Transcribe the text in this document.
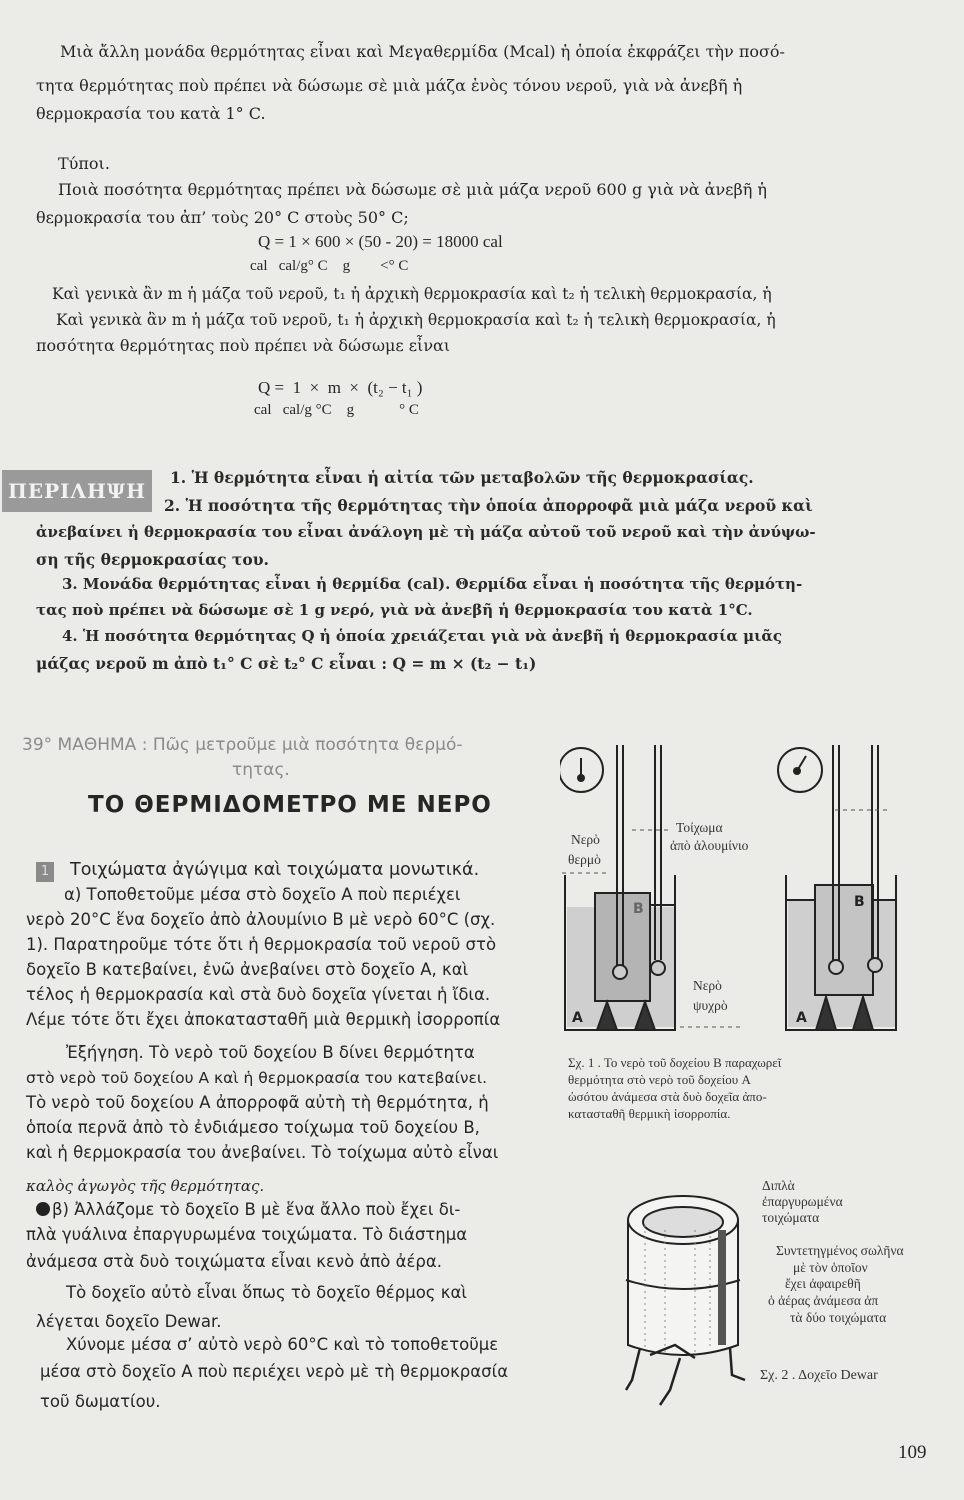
Μιὰ ἄλλη μονάδα θερμότητας εἶναι καὶ Μεγαθερμίδα (Mcal) ἡ ὁποία ἐκφράζει τὴν ποσό-
τητα θερμότητας ποὺ πρέπει νὰ δώσωμε σὲ μιὰ μάζα ἑνὸς τόνου νεροῦ, γιὰ νὰ ἀνεβῆ ἡ
θερμοκρασία του κατὰ 1° C.
Τύποι.
Ποιὰ ποσότητα θερμότητας πρέπει νὰ δώσωμε σὲ μιὰ μάζα νεροῦ 600 g γιὰ νὰ ἀνεβῆ ἡ
θερμοκρασία του ἀπ’ τοὺς 20° C στοὺς 50° C;
Q = 1 × 600 × (50 - 20) = 18000 cal
cal   cal/g° C    g        <° C
Καὶ γενικὰ ἂν m ἡ μάζα τοῦ νεροῦ, t₁ ἡ ἀρχικὴ θερμοκρασία καὶ t₂ ἡ τελικὴ θερμοκρασία, ἡ
Καὶ γενικὰ ἂν m ἡ μάζα τοῦ νεροῦ, t₁ ἡ ἀρχικὴ θερμοκρασία καὶ t₂ ἡ τελικὴ θερμοκρασία, ἡ
ποσότητα θερμότητας ποὺ πρέπει νὰ δώσωμε εἶναι
Q =  1  ×  m  ×  (t₂ − t₁ )
cal   cal/g °C    g            ° C
ΠΕΡΙΛΗΨΗ
1. Ἡ θερμότητα εἶναι ἡ αἰτία τῶν μεταβολῶν τῆς θερμοκρασίας.
2. Ἡ ποσότητα τῆς θερμότητας τὴν ὁποία ἀπορροφᾶ μιὰ μάζα νεροῦ καὶ
ἀνεβαίνει ἡ θερμοκρασία του εἶναι ἀνάλογη μὲ τὴ μάζα αὐτοῦ τοῦ νεροῦ καὶ τὴν ἀνύψω-
ση τῆς θερμοκρασίας του.
3. Μονάδα θερμότητας εἶναι ἡ θερμίδα (cal). Θερμίδα εἶναι ἡ ποσότητα τῆς θερμότη-
τας ποὺ πρέπει νὰ δώσωμε σὲ 1 g νερό, γιὰ νὰ ἀνεβῆ ἡ θερμοκρασία του κατὰ 1°C.
4. Ἡ ποσότητα θερμότητας Q ἡ ὁποία χρειάζεται γιὰ νὰ ἀνεβῆ ἡ θερμοκρασία μιᾶς
μάζας νεροῦ m ἀπὸ t₁° C σὲ t₂° C εἶναι : Q = m × (t₂ − t₁)
39° ΜΑΘΗΜΑ : Πῶς μετροῦμε μιὰ ποσότητα θερμό-
τητας.
ΤΟ ΘΕΡΜΙΔΟΜΕΤΡΟ ΜΕ ΝΕΡΟ
1 Τοιχώματα ἀγώγιμα καὶ τοιχώματα μονωτικά.
α) Τοποθετοῦμε μέσα στὸ δοχεῖο Α ποὺ περιέχει
νερὸ 20°C ἕνα δοχεῖο ἀπὸ ἀλουμίνιο Β μὲ νερὸ 60°C (σχ.
1). Παρατηροῦμε τότε ὅτι ἡ θερμοκρασία τοῦ νεροῦ στὸ
δοχεῖο Β κατεβαίνει, ἐνῶ ἀνεβαίνει στὸ δοχεῖο Α, καὶ
τέλος ἡ θερμοκρασία καὶ στὰ δυὸ δοχεῖα γίνεται ἡ ἴδια.
Λέμε τότε ὅτι ἔχει ἀποκατασταθῆ μιὰ θερμικὴ ἰσορροπία
Ἐξήγηση. Τὸ νερὸ τοῦ δοχείου Β δίνει θερμότητα
στὸ νερὸ τοῦ δοχείου Α καὶ ἡ θερμοκρασία του κατεβαίνει.
Τὸ νερὸ τοῦ δοχείου Α ἀπορροφᾶ αὐτὴ τὴ θερμότητα, ἡ
ὁποία περνᾶ ἀπὸ τὸ ἐνδιάμεσο τοίχωμα τοῦ δοχείου Β,
καὶ ἡ θερμοκρασία του ἀνεβαίνει. Τὸ τοίχωμα αὐτὸ εἶναι
καλὸς ἀγωγὸς τῆς θερμότητας.
β) Ἀλλάζομε τὸ δοχεῖο Β μὲ ἕνα ἄλλο ποὺ ἔχει δι-
πλὰ γυάλινα ἐπαργυρωμένα τοιχώματα. Τὸ διάστημα
ἀνάμεσα στὰ δυὸ τοιχώματα εἶναι κενὸ ἀπὸ ἀέρα.
Τὸ δοχεῖο αὐτὸ εἶναι ὅπως τὸ δοχεῖο θέρμος καὶ
λέγεται δοχεῖο Dewar.
Χύνομε μέσα σ’ αὐτὸ νερὸ 60°C καὶ τὸ τοποθετοῦμε
μέσα στὸ δοχεῖο Α ποὺ περιέχει νερὸ μὲ τὴ θερμοκρασία
τοῦ δωματίου.
A
B
A
B
Νερὸ
θερμὸ
Τοίχωμα
ἀπὸ ἀλουμίνιο
Νερὸ
ψυχρὸ
Σχ. 1 . Το νερὸ τοῦ δοχείου B παραχωρεῖ
θερμότητα στὸ νερὸ τοῦ δοχείου A
ὡσότου ἀνάμεσα στὰ δυὸ δοχεῖα ἀπο-
κατασταθῆ θερμικὴ ἰσορροπία.
Διπλὰ
ἐπαργυρωμένα
τοιχώματα
Συντετηγμένος σωλῆνα
μὲ τὸν ὁποῖον
ἔχει ἀφαιρεθῆ
ὁ ἀέρας ἀνάμεσα ἀπ
τὰ δύο τοιχώματα
Σχ. 2 . Δοχεῖο Dewar
109
